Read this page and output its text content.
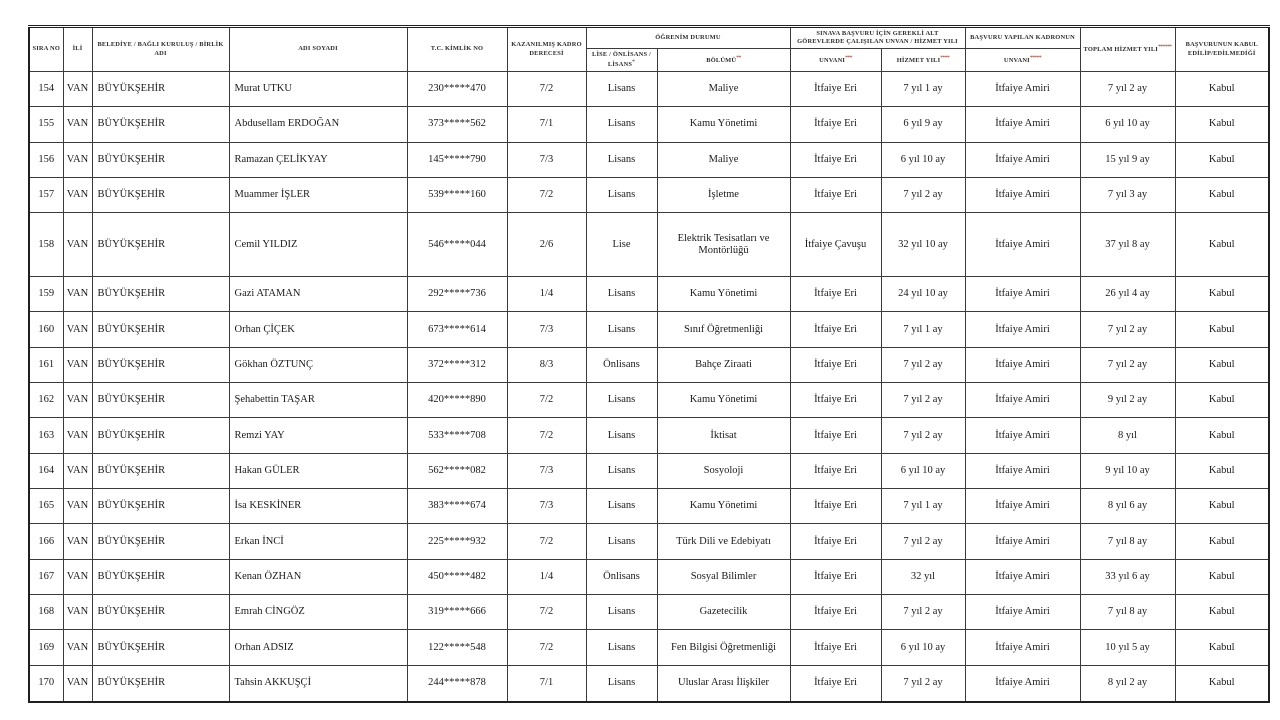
SIRA NO	İLİ	BELEDİYE / BAĞLI KURULUŞ / BİRLİK ADI	ADI SOYADI	T.C. KİMLİK NO	KAZANILMIŞ KADRO DERECESİ	ÖĞRENİM DURUMU		SINAVA BAŞVURU İÇİN GEREKLİ ALT GÖREVLERDE ÇALIŞILAN UNVAN / HİZMET YILI		BAŞVURU YAPILAN KADRONUN	TOPLAM HİZMET YILI******	BAŞVURUNUN KABUL EDİLİP/EDİLMEDİĞİ
						LİSE / ÖNLİSANS / LİSANS*	BÖLÜMÜ**	UNVANI***	HİZMET YILI****	UNVANI*****		
154	VAN	BÜYÜKŞEHİR	Murat UTKU	230*****470	7/2	Lisans	Maliye	İtfaiye Eri	7 yıl 1 ay	İtfaiye Amiri	7 yıl 2 ay	Kabul
155	VAN	BÜYÜKŞEHİR	Abdusellam ERDOĞAN	373*****562	7/1	Lisans	Kamu Yönetimi	İtfaiye Eri	6 yıl 9 ay	İtfaiye Amiri	6 yıl 10 ay	Kabul
156	VAN	BÜYÜKŞEHİR	Ramazan ÇELİKYAY	145*****790	7/3	Lisans	Maliye	İtfaiye Eri	6 yıl 10 ay	İtfaiye Amiri	15 yıl 9 ay	Kabul
157	VAN	BÜYÜKŞEHİR	Muammer İŞLER	539*****160	7/2	Lisans	İşletme	İtfaiye Eri	7 yıl 2 ay	İtfaiye Amiri	7 yıl 3 ay	Kabul
158	VAN	BÜYÜKŞEHİR	Cemil YILDIZ	546*****044	2/6	Lise	Elektrik Tesisatları ve Montörlüğü	İtfaiye Çavuşu	32 yıl 10 ay	İtfaiye Amiri	37 yıl 8 ay	Kabul
159	VAN	BÜYÜKŞEHİR	Gazi ATAMAN	292*****736	1/4	Lisans	Kamu Yönetimi	İtfaiye Eri	24 yıl 10 ay	İtfaiye Amiri	26 yıl 4 ay	Kabul
160	VAN	BÜYÜKŞEHİR	Orhan ÇİÇEK	673*****614	7/3	Lisans	Sınıf Öğretmenliği	İtfaiye Eri	7 yıl 1 ay	İtfaiye Amiri	7 yıl 2 ay	Kabul
161	VAN	BÜYÜKŞEHİR	Gökhan ÖZTUNÇ	372*****312	8/3	Önlisans	Bahçe Ziraati	İtfaiye Eri	7 yıl 2 ay	İtfaiye Amiri	7 yıl 2 ay	Kabul
162	VAN	BÜYÜKŞEHİR	Şehabettin TAŞAR	420*****890	7/2	Lisans	Kamu Yönetimi	İtfaiye Eri	7 yıl 2 ay	İtfaiye Amiri	9 yıl 2 ay	Kabul
163	VAN	BÜYÜKŞEHİR	Remzi YAY	533*****708	7/2	Lisans	İktisat	İtfaiye Eri	7 yıl 2 ay	İtfaiye Amiri	8 yıl	Kabul
164	VAN	BÜYÜKŞEHİR	Hakan GÜLER	562*****082	7/3	Lisans	Sosyoloji	İtfaiye Eri	6 yıl 10 ay	İtfaiye Amiri	9 yıl 10 ay	Kabul
165	VAN	BÜYÜKŞEHİR	İsa KESKİNER	383*****674	7/3	Lisans	Kamu Yönetimi	İtfaiye Eri	7 yıl 1 ay	İtfaiye Amiri	8 yıl 6 ay	Kabul
166	VAN	BÜYÜKŞEHİR	Erkan İNCİ	225*****932	7/2	Lisans	Türk Dili ve Edebiyatı	İtfaiye Eri	7 yıl 2 ay	İtfaiye Amiri	7 yıl 8 ay	Kabul
167	VAN	BÜYÜKŞEHİR	Kenan ÖZHAN	450*****482	1/4	Önlisans	Sosyal Bilimler	İtfaiye Eri	32 yıl	İtfaiye Amiri	33 yıl 6 ay	Kabul
168	VAN	BÜYÜKŞEHİR	Emrah CİNGÖZ	319*****666	7/2	Lisans	Gazetecilik	İtfaiye Eri	7 yıl 2 ay	İtfaiye Amiri	7 yıl 8 ay	Kabul
169	VAN	BÜYÜKŞEHİR	Orhan ADSIZ	122*****548	7/2	Lisans	Fen Bilgisi Öğretmenliği	İtfaiye Eri	6 yıl 10 ay	İtfaiye Amiri	10 yıl 5 ay	Kabul
170	VAN	BÜYÜKŞEHİR	Tahsin AKKUŞÇİ	244*****878	7/1	Lisans	Uluslar Arası İlişkiler	İtfaiye Eri	7 yıl 2 ay	İtfaiye Amiri	8 yıl 2 ay	Kabul
